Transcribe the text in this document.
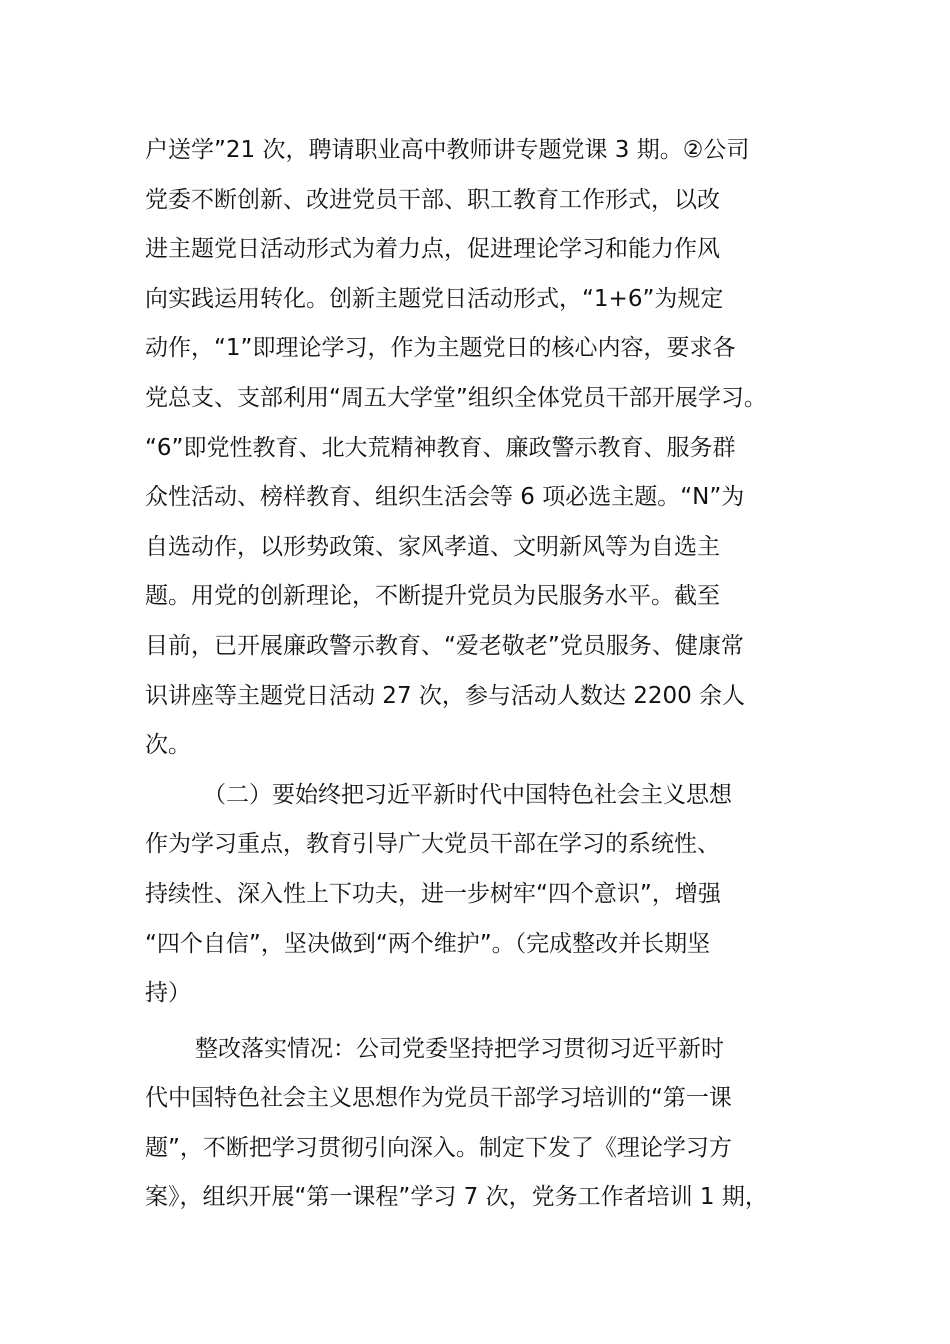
户送学”21 次，聘请职业高中教师讲专题党课 3 期。②公司
党委不断创新、改进党员干部、职工教育工作形式，以改
进主题党日活动形式为着力点，促进理论学习和能力作风
向实践运用转化。创新主题党日活动形式，“1+6”为规定
动作，“1”即理论学习，作为主题党日的核心内容，要求各
党总支、支部利用“周五大学堂”组织全体党员干部开展学习。
“6”即党性教育、北大荒精神教育、廉政警示教育、服务群
众性活动、榜样教育、组织生活会等 6 项必选主题。“N”为
自选动作，以形势政策、家风孝道、文明新风等为自选主
题。用党的创新理论，不断提升党员为民服务水平。截至
目前，已开展廉政警示教育、“爱老敬老”党员服务、健康常
识讲座等主题党日活动 27 次，参与活动人数达 2200 余人
次。
（二）要始终把习近平新时代中国特色社会主义思想
作为学习重点，教育引导广大党员干部在学习的系统性、
持续性、深入性上下功夫，进一步树牢“四个意识”，增强
“四个自信”，坚决做到“两个维护”。（完成整改并长期坚
持）
整改落实情况：公司党委坚持把学习贯彻习近平新时
代中国特色社会主义思想作为党员干部学习培训的“第一课
题”，不断把学习贯彻引向深入。制定下发了《理论学习方
案》，组织开展“第一课程”学习 7 次，党务工作者培训 1 期，
